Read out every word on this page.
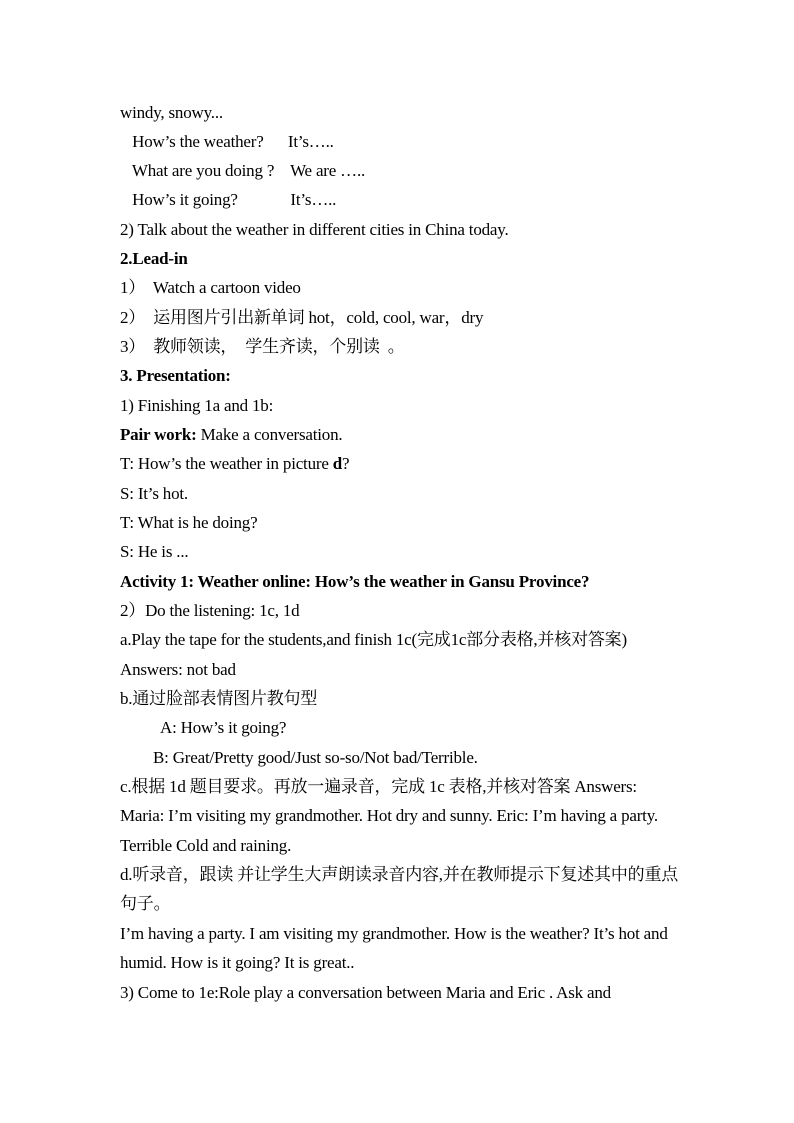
windy, snowy...
How’s the weather?      It’s…..
What are you doing ?    We are …..
How’s it going?             It’s…..
2) Talk about the weather in different cities in China today.
2.Lead-in
1）  Watch a cartoon video
2）  运用图片引出新单词 hot，cold, cool, war，dry
3）  教师领读，  学生齐读，个别读  。
3. Presentation:
1) Finishing 1a and 1b:
Pair work: Make a conversation.
T: How’s the weather in picture d?
S: It’s hot.
T: What is he doing?
S: He is ...
Activity 1: Weather online: How’s the weather in Gansu Province?
2）Do the listening: 1c, 1d
a.Play the tape for the students,and finish 1c(完成1c部分表格,并核对答案)
Answers: not bad
b.通过脸部表情图片教句型
A: How’s it going?
B: Great/Pretty good/Just so-so/Not bad/Terrible.
c.根据 1d 题目要求。再放一遍录音，完成 1c 表格,并核对答案 Answers: Maria: I’m visiting my grandmother. Hot dry and sunny. Eric: I’m having a party. Terrible Cold and raining.
d.听录音，跟读 并让学生大声朗读录音内容,并在教师提示下复述其中的重点句子。
I’m having a party. I am visiting my grandmother. How is the weather? It’s hot and humid. How is it going? It is great..
3) Come to 1e:Role play a conversation between Maria and Eric . Ask and
